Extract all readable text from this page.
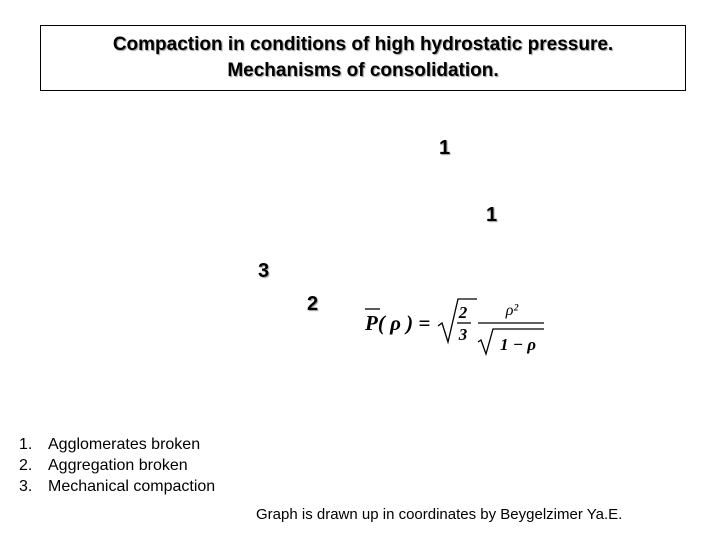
Compaction in conditions of high hydrostatic pressure.
Mechanisms of consolidation.
1
1
3
2
P( ρ ) = 2
3
ρ²
1 − ρ
1. Agglomerates broken
2. Aggregation broken
3. Mechanical compaction
Graph is drawn up in coordinates by Beygelzimer Ya.E.
